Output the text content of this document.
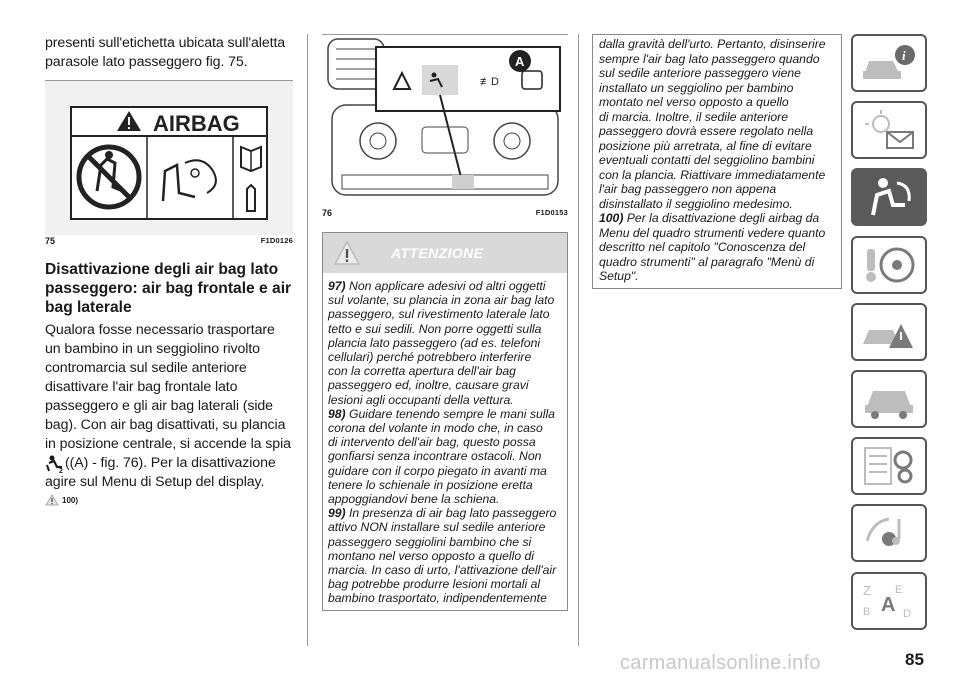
presenti sull'etichetta ubicata sull'aletta
parasole lato passeggero fig. 75.
AIRBAG
75	F1D0126
Disattivazione degli air bag lato
passeggero: air bag frontale e air
bag laterale
Qualora fosse necessario trasportare
un bambino in un seggiolino rivolto
contromarcia sul sedile anteriore
disattivare l'air bag frontale lato
passeggero e gli air bag laterali (side
bag). Con air bag disattivati, su plancia
in posizione centrale, si accende la spia
2 ((A) - fig. 76). Per la disattivazione
agire sul Menu di Setup del display.
100)
≢D
A
76	F1D0153
ATTENZIONE
97) Non applicare adesivi od altri oggetti
sul volante, su plancia in zona air bag lato
passeggero, sul rivestimento laterale lato
tetto e sui sedili. Non porre oggetti sulla
plancia lato passeggero (ad es. telefoni
cellulari) perché potrebbero interferire
con la corretta apertura dell'air bag
passeggero ed, inoltre, causare gravi
lesioni agli occupanti della vettura.
98) Guidare tenendo sempre le mani sulla
corona del volante in modo che, in caso
di intervento dell'air bag, questo possa
gonfiarsi senza incontrare ostacoli. Non
guidare con il corpo piegato in avanti ma
tenere lo schienale in posizione eretta
appoggiandovi bene la schiena.
99) In presenza di air bag lato passeggero
attivo NON installare sul sedile anteriore
passeggero seggiolini bambino che si
montano nel verso opposto a quello di
marcia. In caso di urto, l'attivazione dell'air
bag potrebbe produrre lesioni mortali al
bambino trasportato, indipendentemente
dalla gravità dell'urto. Pertanto, disinserire
sempre l'air bag lato passeggero quando
sul sedile anteriore passeggero viene
installato un seggiolino per bambino
montato nel verso opposto a quello
di marcia. Inoltre, il sedile anteriore
passeggero dovrà essere regolato nella
posizione più arretrata, al fine di evitare
eventuali contatti del seggiolino bambini
con la plancia. Riattivare immediatamente
l'air bag passeggero non appena
disinstallato il seggiolino medesimo.
100) Per la disattivazione degli airbag da
Menu del quadro strumenti vedere quanto
descritto nel capitolo "Conoscenza del
quadro strumenti" al paragrafo "Menù di
Setup".
i
Z E
A
B	D
85
carmanualsonline.info
